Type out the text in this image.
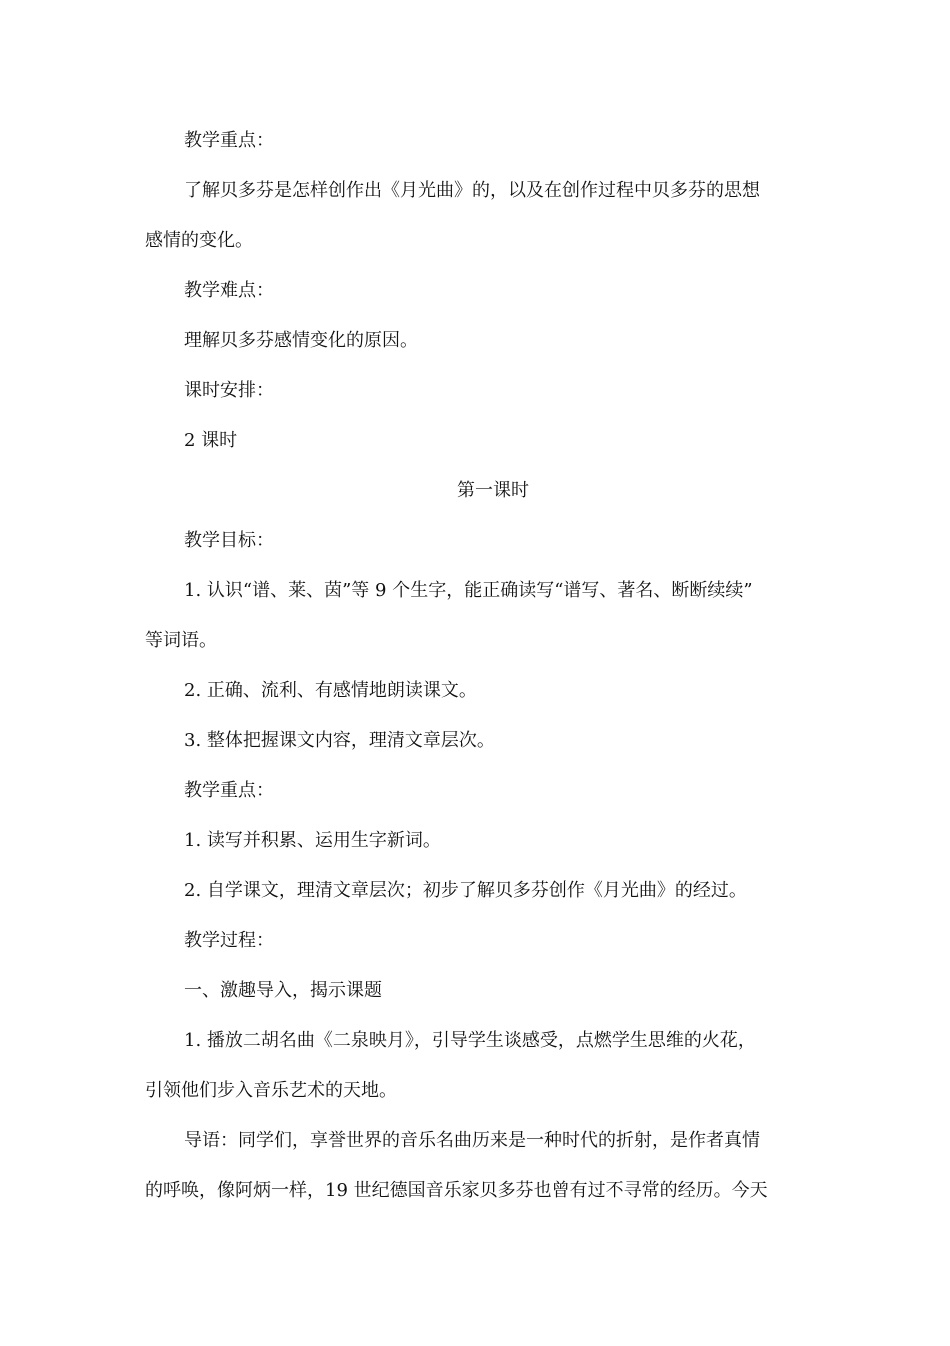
教学重点：
了解贝多芬是怎样创作出《月光曲》的，以及在创作过程中贝多芬的思想
感情的变化。
教学难点：
理解贝多芬感情变化的原因。
课时安排：
2 课时
第一课时
教学目标：
1. 认识“谱、莱、茵”等 9 个生字，能正确读写“谱写、著名、断断续续”
等词语。
2. 正确、流利、有感情地朗读课文。
3. 整体把握课文内容，理清文章层次。
教学重点：
1. 读写并积累、运用生字新词。
2. 自学课文，理清文章层次；初步了解贝多芬创作《月光曲》的经过。
教学过程：
一、激趣导入，揭示课题
1. 播放二胡名曲《二泉映月》，引导学生谈感受，点燃学生思维的火花，
引领他们步入音乐艺术的天地。
导语：同学们，享誉世界的音乐名曲历来是一种时代的折射，是作者真情
的呼唤，像阿炳一样，19 世纪德国音乐家贝多芬也曾有过不寻常的经历。今天
